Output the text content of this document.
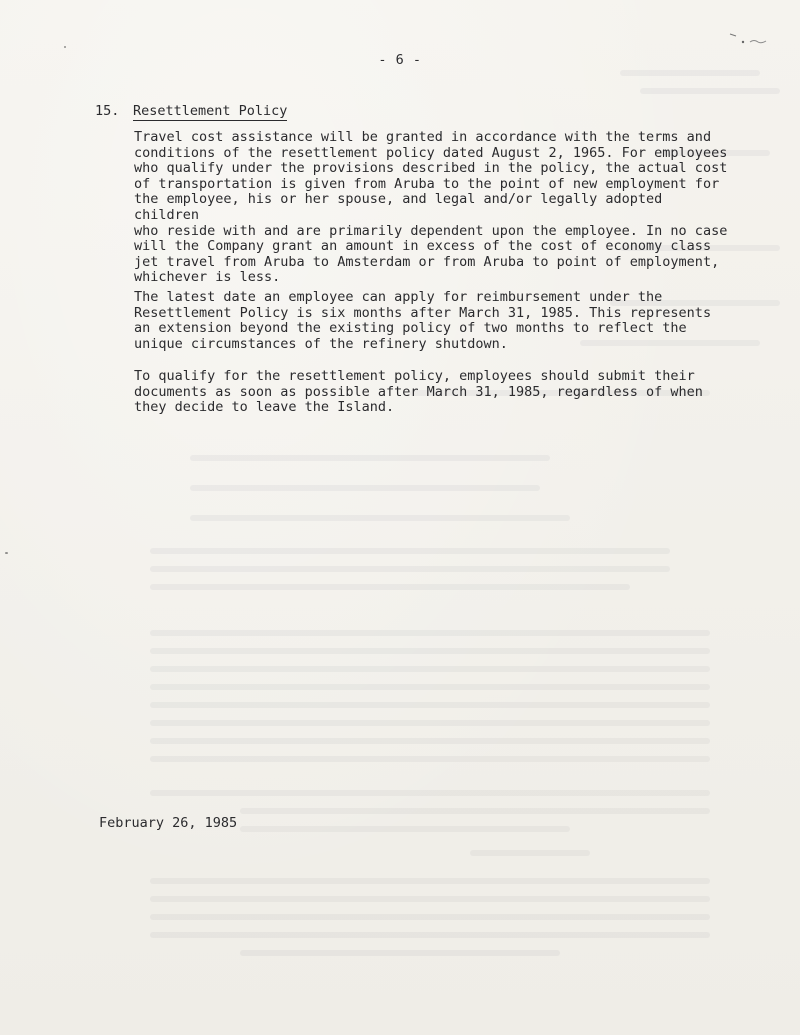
- 6 -
15. Resettlement Policy
Travel cost assistance will be granted in accordance with the terms and
conditions of the resettlement policy dated August 2, 1965. For employees
who qualify under the provisions described in the policy, the actual cost
of transportation is given from Aruba to the point of new employment for
the employee, his or her spouse, and legal and/or legally adopted children
who reside with and are primarily dependent upon the employee. In no case
will the Company grant an amount in excess of the cost of economy class
jet travel from Aruba to Amsterdam or from Aruba to point of employment,
whichever is less.
The latest date an employee can apply for reimbursement under the
Resettlement Policy is six months after March 31, 1985. This represents
an extension beyond the existing policy of two months to reflect the
unique circumstances of the refinery shutdown.
To qualify for the resettlement policy, employees should submit their
documents as soon as possible after March 31, 1985, regardless of when
they decide to leave the Island.
February 26, 1985
